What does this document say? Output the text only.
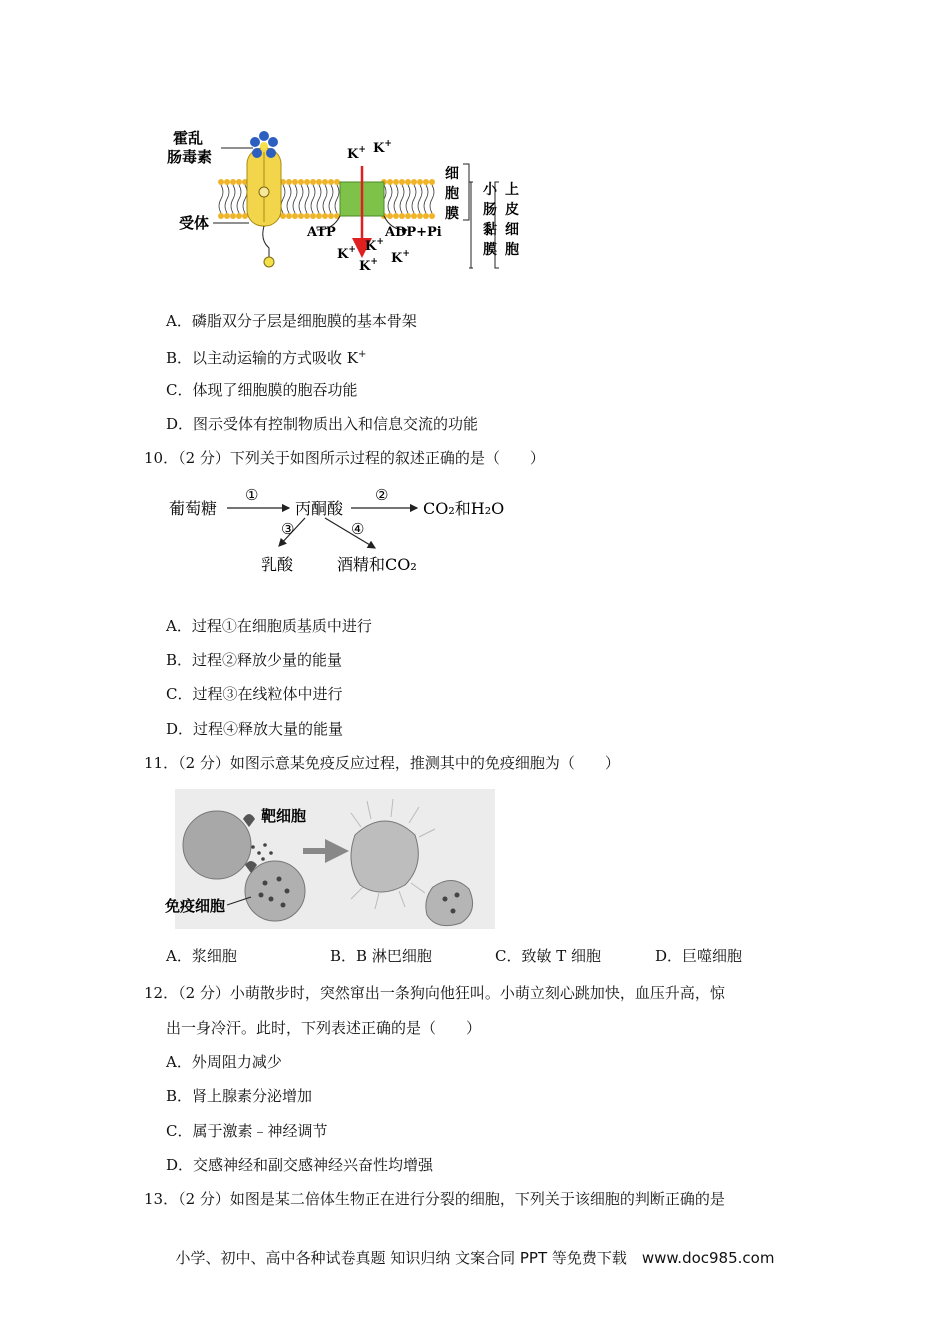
霍乱
肠毒素
受体
K+ K+
K+ K+
K+ K+
ATP	ADP+Pi
细
胞
膜
小
肠
黏
膜
上
皮
细
胞
A．磷脂双分子层是细胞膜的基本骨架
B．以主动运输的方式吸收 K+
C．体现了细胞膜的胞吞功能
D．图示受体有控制物质出入和信息交流的功能
10．（2 分）下列关于如图所示过程的叙述正确的是（　　）
葡萄糖
①
丙酮酸
②
CO₂和H₂O
③	④
乳酸	酒精和CO₂
A．过程①在细胞质基质中进行
B．过程②释放少量的能量
C．过程③在线粒体中进行
D．过程④释放大量的能量
11．（2 分）如图示意某免疫反应过程，推测其中的免疫细胞为（　　）
靶细胞
免疫细胞
A．浆细胞	B．B 淋巴细胞	C．致敏 T 细胞	D．巨噬细胞
12．（2 分）小萌散步时，突然窜出一条狗向他狂叫。小萌立刻心跳加快，血压升高，惊
出一身冷汗。此时，下列表述正确的是（　　）
A．外周阻力减少
B．肾上腺素分泌增加
C．属于激素﹣神经调节
D．交感神经和副交感神经兴奋性均增强
13．（2 分）如图是某二倍体生物正在进行分裂的细胞，下列关于该细胞的判断正确的是
小学、初中、高中各种试卷真题 知识归纳 文案合同 PPT 等免费下载　www.doc985.com
